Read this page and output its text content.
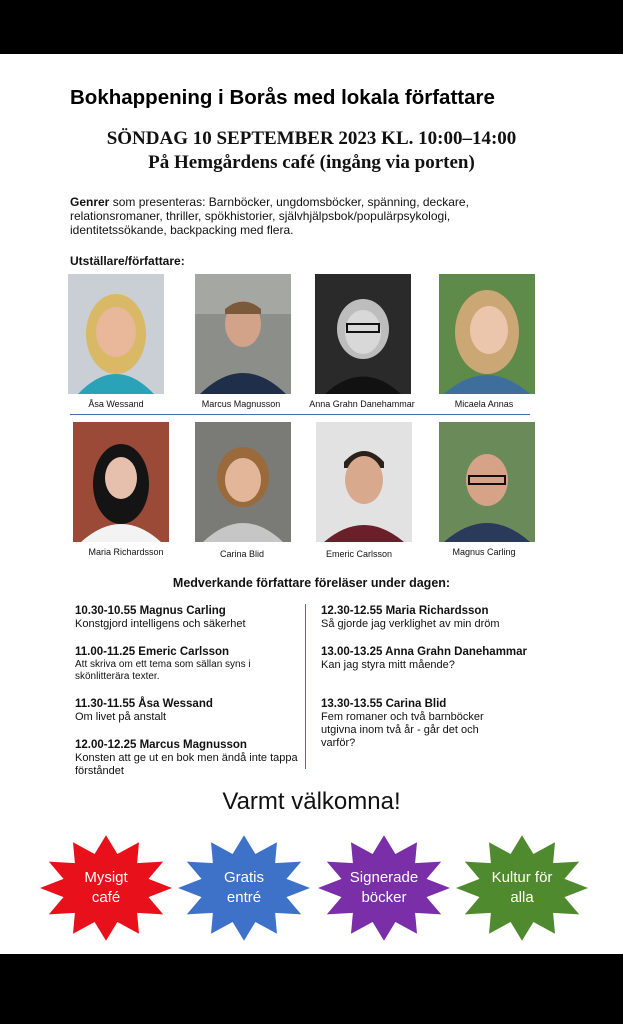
Bokhappening i Borås med lokala författare
SÖNDAG 10 SEPTEMBER 2023 KL. 10:00–14:00
På Hemgårdens café (ingång via porten)
Genrer som presenteras: Barnböcker, ungdomsböcker, spänning, deckare, relationsromaner, thriller, spökhistorier, självhjälpsbok/populärpsykologi, identitetssökande, backpacking med flera.
Utställare/författare:
Åsa Wessand	Marcus Magnusson	Anna Grahn Danehammar	Micaela Annas
Maria Richardsson	Carina Blid	Emeric Carlsson	Magnus Carling
Medverkande författare föreläser under dagen:
10.30-10.55 Magnus Carling
Konstgjord intelligens och säkerhet
11.00-11.25 Emeric Carlsson
Att skriva om ett tema som sällan syns i skönlitterära texter.
11.30-11.55 Åsa Wessand
Om livet på anstalt
12.00-12.25 Marcus Magnusson
Konsten att ge ut en bok men ändå inte tappa förståndet
12.30-12.55 Maria Richardsson
Så gjorde jag verklighet av min dröm
13.00-13.25 Anna Grahn Danehammar
Kan jag styra mitt mående?
13.30-13.55 Carina Blid
Fem romaner och två barnböcker utgivna inom två år - går det och varför?
Varmt välkomna!
Mysigt
café
Gratis
entré
Signerade
böcker
Kultur för
alla
